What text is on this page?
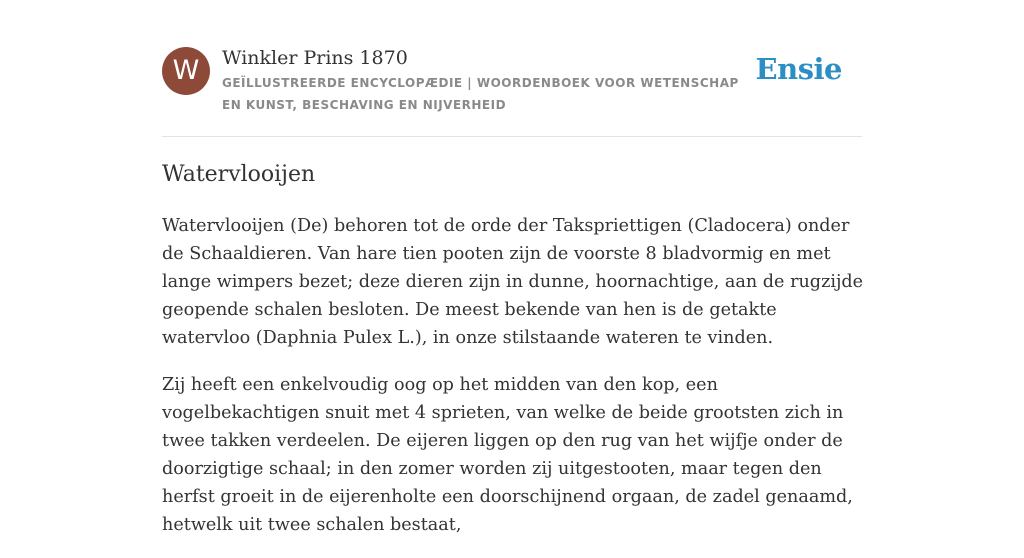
W	Winkler Prins 1870
GEÏLLUSTREERDE ENCYCLOPÆDIE | WOORDENBOEK VOOR WETENSCHAP EN KUNST, BESCHAVING EN NIJVERHEID
Ensie
Watervlooijen

Watervlooijen (De) behoren tot de orde der Takspriettigen (Cladocera) onder de Schaaldieren. Van hare tien pooten zijn de voorste 8 bladvormig en met lange wimpers bezet; deze dieren zijn in dunne, hoornachtige, aan de rugzijde geopende schalen besloten. De meest bekende van hen is de getakte watervloo (Daphnia Pulex L.), in onze stilstaande wateren te vinden.

Zij heeft een enkelvoudig oog op het midden van den kop, een vogelbekachtigen snuit met 4 sprieten, van welke de beide grootsten zich in twee takken verdeelen. De eijeren liggen op den rug van het wijfje onder de doorzigtige schaal; in den zomer worden zij uitgestooten, maar tegen den herfst groeit in de eijerenholte een doorschijnend orgaan, de zadel genaamd, hetwelk uit twee schalen bestaat,
